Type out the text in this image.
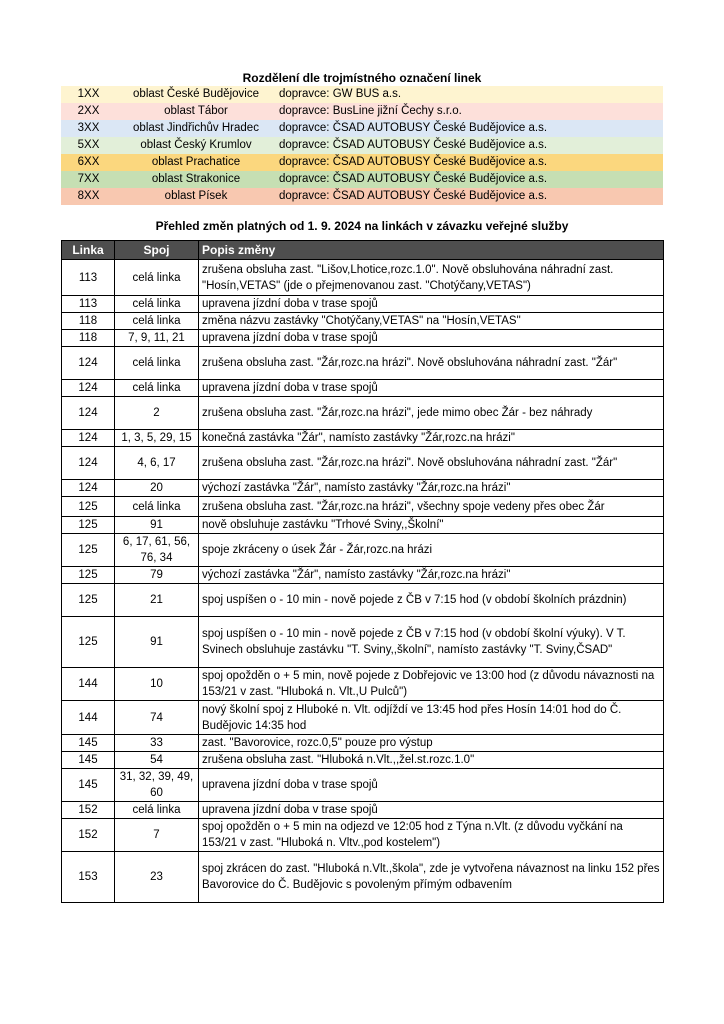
Rozdělení dle trojmístného označení linek
1XX	oblast České Budějovice	dopravce: GW BUS a.s.
2XX	oblast Tábor	dopravce: BusLine jižní Čechy s.r.o.
3XX	oblast Jindřichův Hradec	dopravce: ČSAD AUTOBUSY České Budějovice a.s.
5XX	oblast Český Krumlov	dopravce: ČSAD AUTOBUSY České Budějovice a.s.
6XX	oblast Prachatice	dopravce: ČSAD AUTOBUSY České Budějovice a.s.
7XX	oblast Strakonice	dopravce: ČSAD AUTOBUSY České Budějovice a.s.
8XX	oblast Písek	dopravce: ČSAD AUTOBUSY České Budějovice a.s.
Přehled změn platných od 1. 9. 2024 na linkách v závazku veřejné služby
Linka	Spoj	Popis změny
113	celá linka	zrušena obsluha zast. "Lišov,Lhotice,rozc.1.0". Nově obsluhována náhradní zast. "Hosín,VETAS" (jde o přejmenovanou zast. "Chotýčany,VETAS")
113	celá linka	upravena jízdní doba v trase spojů
118	celá linka	změna názvu zastávky "Chotýčany,VETAS" na "Hosín,VETAS"
118	7, 9, 11, 21	upravena jízdní doba v trase spojů
124	celá linka	zrušena obsluha zast. "Žár,rozc.na hrázi". Nově obsluhována náhradní zast. "Žár"
124	celá linka	upravena jízdní doba v trase spojů
124	2	zrušena obsluha zast. "Žár,rozc.na hrázi", jede mimo obec Žár - bez náhrady
124	1, 3, 5, 29, 15	konečná zastávka "Žár", namísto zastávky "Žár,rozc.na hrázi"
124	4, 6, 17	zrušena obsluha zast. "Žár,rozc.na hrázi". Nově obsluhována náhradní zast. "Žár"
124	20	výchozí zastávka "Žár", namísto zastávky "Žár,rozc.na hrázi"
125	celá linka	zrušena obsluha zast. "Žár,rozc.na hrázi", všechny spoje vedeny přes obec Žár
125	91	nově obsluhuje zastávku "Trhové Sviny,,Školní"
125	6, 17, 61, 56, 76, 34	spoje zkráceny o úsek Žár - Žár,rozc.na hrázi
125	79	výchozí zastávka "Žár", namísto zastávky "Žár,rozc.na hrázi"
125	21	spoj uspíšen o - 10 min - nově pojede z ČB v 7:15 hod (v období školních prázdnin)
125	91	spoj uspíšen o - 10 min - nově pojede z ČB v 7:15 hod (v období školní výuky). V T. Svinech obsluhuje zastávku "T. Sviny,,školní", namísto zastávky "T. Sviny,ČSAD"
144	10	spoj opožděn o + 5 min, nově pojede z Dobřejovic ve 13:00 hod (z důvodu návaznosti na 153/21 v zast. "Hluboká n. Vlt.,U Pulců")
144	74	nový školní spoj z Hluboké n. Vlt. odjíždí ve 13:45 hod přes Hosín 14:01 hod do Č. Budějovic 14:35 hod
145	33	zast. "Bavorovice, rozc.0,5" pouze pro výstup
145	54	zrušena obsluha zast. "Hluboká n.Vlt.,,žel.st.rozc.1.0"
145	31, 32, 39, 49, 60	upravena jízdní doba v trase spojů
152	celá linka	upravena jízdní doba v trase spojů
152	7	spoj opožděn o + 5 min na odjezd ve 12:05 hod z Týna n.Vlt. (z důvodu vyčkání na 153/21 v zast. "Hluboká n. Vltv.,pod kostelem")
153	23	spoj zkrácen do zast. "Hluboká n.Vlt.,škola", zde je vytvořena návaznost na linku 152 přes Bavorovice do Č. Budějovic s povoleným přímým odbavením
